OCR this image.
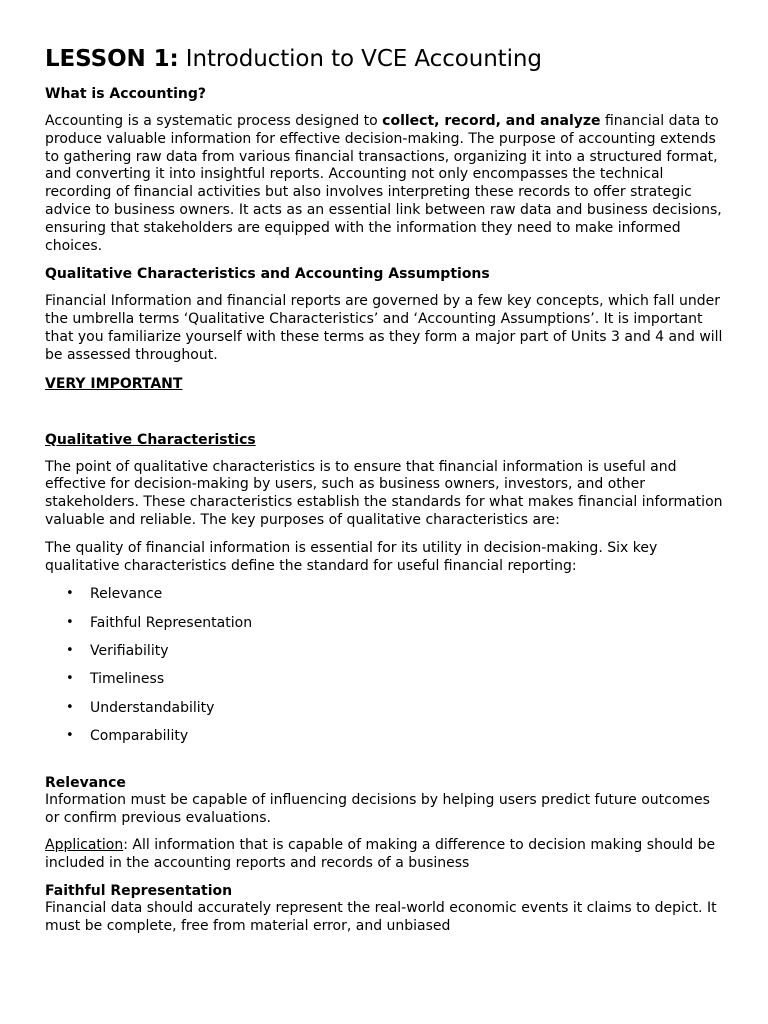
LESSON 1: Introduction to VCE Accounting
What is Accounting?

Accounting is a systematic process designed to collect, record, and analyze financial data to produce valuable information for effective decision-making. The purpose of accounting extends to gathering raw data from various financial transactions, organizing it into a structured format, and converting it into insightful reports. Accounting not only encompasses the technical recording of financial activities but also involves interpreting these records to offer strategic advice to business owners. It acts as an essential link between raw data and business decisions, ensuring that stakeholders are equipped with the information they need to make informed choices.

Qualitative Characteristics and Accounting Assumptions

Financial Information and financial reports are governed by a few key concepts, which fall under the umbrella terms ‘Qualitative Characteristics’ and ‘Accounting Assumptions’. It is important that you familiarize yourself with these terms as they form a major part of Units 3 and 4 and will be assessed throughout.

VERY IMPORTANT
Qualitative Characteristics

The point of qualitative characteristics is to ensure that financial information is useful and effective for decision-making by users, such as business owners, investors, and other stakeholders. These characteristics establish the standards for what makes financial information valuable and reliable. The key purposes of qualitative characteristics are:

The quality of financial information is essential for its utility in decision-making. Six key qualitative characteristics define the standard for useful financial reporting:

• Relevance
• Faithful Representation
• Verifiability
• Timeliness
• Understandability
• Comparability
Relevance

Information must be capable of influencing decisions by helping users predict future outcomes or confirm previous evaluations.

Application: All information that is capable of making a difference to decision making should be included in the accounting reports and records of a business

Faithful Representation

Financial data should accurately represent the real-world economic events it claims to depict. It must be complete, free from material error, and unbiased
